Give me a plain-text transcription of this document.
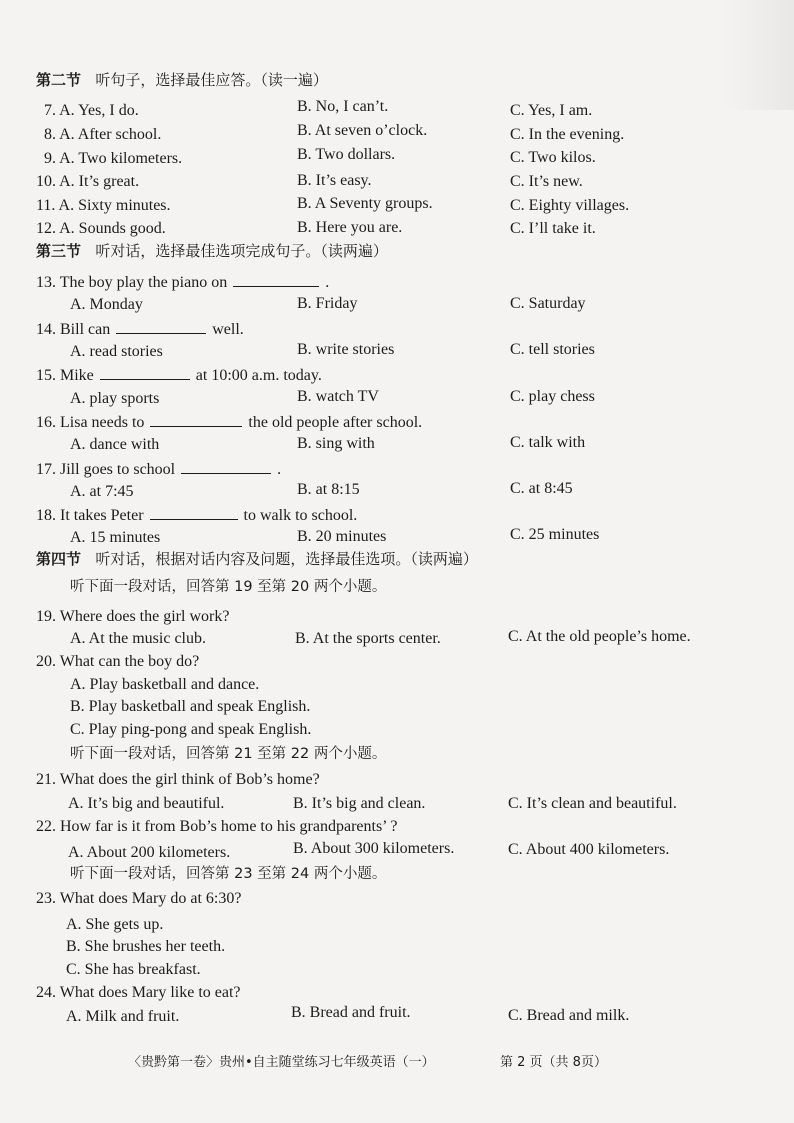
第二节 听句子，选择最佳应答。（读一遍）
7. A. Yes, I do.	B. No, I can’t.	C. Yes, I am.
8. A. After school.	B. At seven o’clock.	C. In the evening.
9. A. Two kilometers.	B. Two dollars.	C. Two kilos.
10. A. It’s great.	B. It’s easy.	C. It’s new.
11. A. Sixty minutes.	B. A Seventy groups.	C. Eighty villages.
12. A. Sounds good.	B. Here you are.	C. I’ll take it.
第三节 听对话，选择最佳选项完成句子。（读两遍）
13. The boy play the piano on	.
A. Monday	B. Friday	C. Saturday
14. Bill can	well.
A. read stories	B. write stories	C. tell stories
15. Mike	at 10:00 a.m. today.
A. play sports	B. watch TV	C. play chess
16. Lisa needs to	the old people after school.
A. dance with	B. sing with	C. talk with
17. Jill goes to school	.
A. at 7:45	B. at 8:15	C. at 8:45
18. It takes Peter	to walk to school.
A. 15 minutes	B. 20 minutes	C. 25 minutes
第四节 听对话，根据对话内容及问题，选择最佳选项。（读两遍）
听下面一段对话，回答第 19 至第 20 两个小题。
19. Where does the girl work?
A. At the music club.	B. At the sports center.	C. At the old people’s home.
20. What can the boy do?
A. Play basketball and dance.
B. Play basketball and speak English.
C. Play ping-pong and speak English.
听下面一段对话，回答第 21 至第 22 两个小题。
21. What does the girl think of Bob’s home?
A. It’s big and beautiful.	B. It’s big and clean.	C. It’s clean and beautiful.
22. How far is it from Bob’s home to his grandparents’ ?
A. About 200 kilometers.	B. About 300 kilometers.	C. About 400 kilometers.
听下面一段对话，回答第 23 至第 24 两个小题。
23. What does Mary do at 6:30?
A. She gets up.
B. She brushes her teeth.
C. She has breakfast.
24. What does Mary like to eat?
A. Milk and fruit.	B. Bread and fruit.	C. Bread and milk.
〈贵黔第一卷〉贵州•自主随堂练习七年级英语（一）	第 2 页（共 8页）
